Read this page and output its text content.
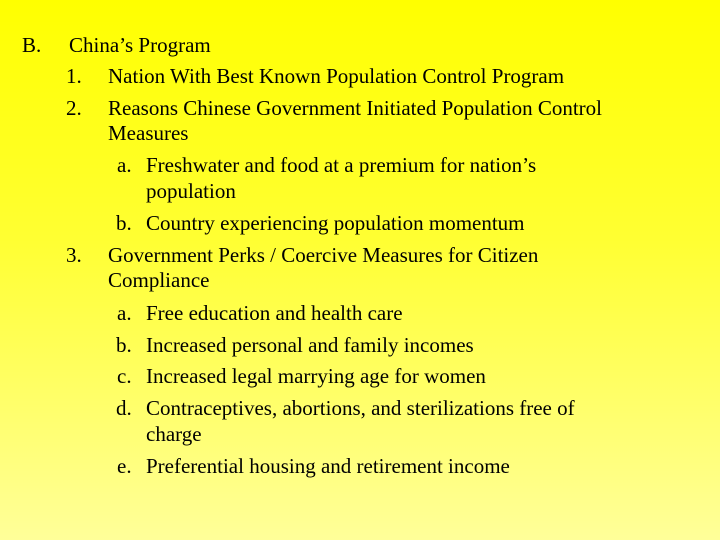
B. China’s Program
1. Nation With Best Known Population Control Program
2. Reasons Chinese Government Initiated Population Control
Measures
a. Freshwater and food at a premium for nation’s
population
b. Country experiencing population momentum
3. Government Perks / Coercive Measures for Citizen
Compliance
a. Free education and health care
b. Increased personal and family incomes
c. Increased legal marrying age for women
d. Contraceptives, abortions, and sterilizations free of
charge
e. Preferential housing and retirement income
